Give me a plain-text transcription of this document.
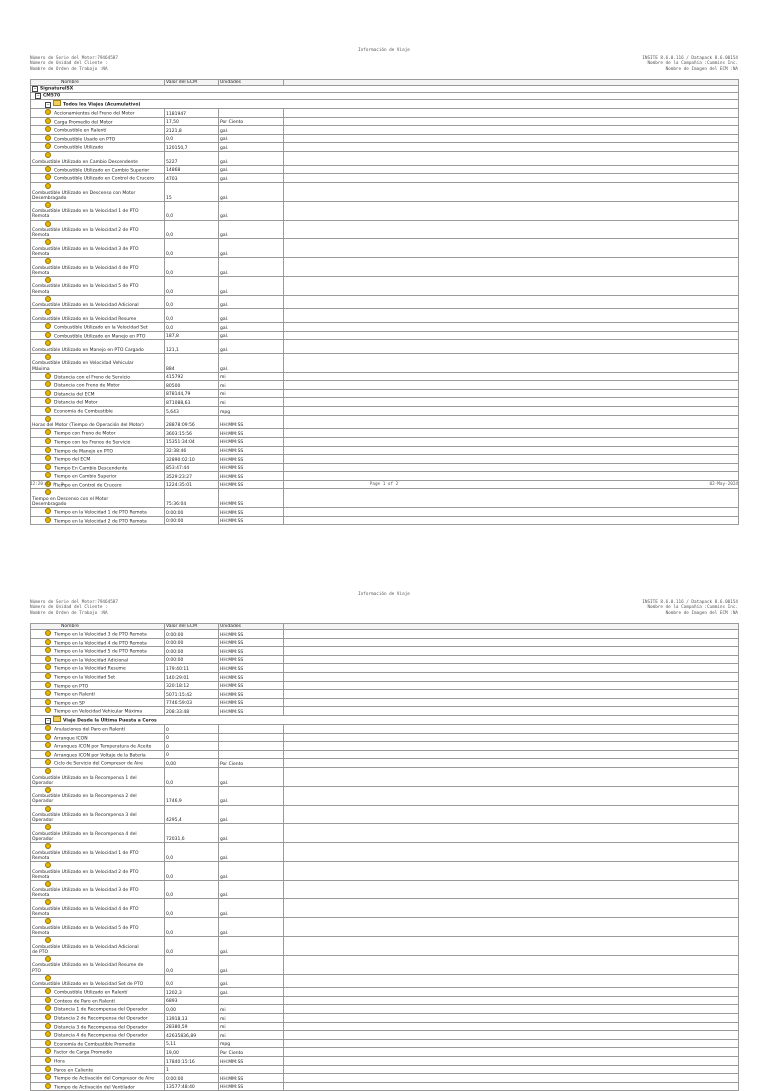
Información de Viaje
Número de Serie del Motor:79464587
Número de Unidad del Cliente :
Nombre de Orden de Trabajo :NA
INSITE 8.6.0.116 / Datapack 8.6.00154
Nombre de la Compañía :Cummins Inc.
Nombre de Imagen del ECM :NA
Nombre	Valor del ECM	Unidades	
− SignatureISX			
− CM570			
− Todos los Viajes (Acumulativo)			
Accionamientos del Freno del Motor	1181947		
Carga Promedio del Motor	17,50	Por Ciento	
Combustible en Ralentí	2121,8	gal.	
Combustible Usado en PTO	0,0	gal.	
Combustible Utilizado	120150,7	gal.	
Combustible Utilizado en Cambio Descendente	5227	gal.	
Combustible Utilizado en Cambio Superior	14868	gal.	
Combustible Utilizado en Control de Crucero	4703	gal.	
Combustible Utilizado en Descenso con Motor Desembragado	15	gal.	
Combustible Utilizado en la Velocidad 1 de PTO Remota	0,0	gal.	
Combustible Utilizado en la Velocidad 2 de PTO Remota	0,0	gal.	
Combustible Utilizado en la Velocidad 3 de PTO Remota	0,0	gal.	
Combustible Utilizado en la Velocidad 4 de PTO Remota	0,0	gal.	
Combustible Utilizado en la Velocidad 5 de PTO Remota	0,0	gal.	
Combustible Utilizado en la Velocidad Adicional	0,0	gal.	
Combustible Utilizado en la Velocidad Resume	0,0	gal.	
Combustible Utilizado en la Velocidad Set	0,0	gal.	
Combustible Utilizado en Manejo en PTO	187,8	gal.	
Combustible Utilizado en Manejo en PTO Cargado	121,1	gal.	
Combustible Utilizado en Velocidad Vehicular Máxima	884	gal.	
Distancia con el Freno de Servicio	415792	mi	
Distancia con Freno de Motor	80500	mi	
Distancia del ECM	878144,79	mi	
Distancia del Motor	871088,63	mi	
Economía de Combustible	5,643	mpg	
Horas del Motor (Tiempo de Operación del Motor)	28878:09:56	HH:MM:SS	
Tiempo con Freno de Motor	3603:15:56	HH:MM:SS	
Tiempo con los Frenos de Servicio	15351:34:04	HH:MM:SS	
Tiempo de Manejo en PTO	32:38:46	HH:MM:SS	
Tiempo del ECM	32890:02:10	HH:MM:SS	
Tiempo En Cambio Descendente	853:47:44	HH:MM:SS	
Tiempo en Cambio Superior	3529:23:27	HH:MM:SS	
Tiempo en Control de Crucero	1224:35:01	HH:MM:SS	
Tiempo en Descenso con el Motor Desembragado	75:36:04	HH:MM:SS	
Tiempo en la Velocidad 1 de PTO Remota	0:00:00	HH:MM:SS	
Tiempo en la Velocidad 2 de PTO Remota	0:00:00	HH:MM:SS	
12:20:42 p. m.	Page 1 of 2	02-May-2024
Información de Viaje
Número de Serie del Motor:79464587
Número de Unidad del Cliente :
Nombre de Orden de Trabajo :NA
INSITE 8.6.0.116 / Datapack 8.6.00154
Nombre de la Compañía :Cummins Inc.
Nombre de Imagen del ECM :NA
Nombre	Valor del ECM	Unidades	
Tiempo en la Velocidad 3 de PTO Remota	0:00:00	HH:MM:SS	
Tiempo en la Velocidad 4 de PTO Remota	0:00:00	HH:MM:SS	
Tiempo en la Velocidad 5 de PTO Remota	0:00:00	HH:MM:SS	
Tiempo en la Velocidad Adicional	0:00:00	HH:MM:SS	
Tiempo en la Velocidad Resume	179:40:11	HH:MM:SS	
Tiempo en la Velocidad Set	140:29:01	HH:MM:SS	
Tiempo en PTO	320:18:12	HH:MM:SS	
Tiempo en Ralentí	5071:15:42	HH:MM:SS	
Tiempo en SP	7746:59:03	HH:MM:SS	
Tiempo en Velocidad Vehicular Máxima	208:33:48	HH:MM:SS	
− Viaje Desde la Última Puesta a Ceros			
Anulaciones del Paro en Ralentí	0		
Arranque ICON	0		
Arranques ICON por Temperatura de Aceite	0		
Arranques ICON por Voltaje de la Batería	0		
Ciclo de Servicio del Compresor de Aire	0,00	Por Ciento	
Combustible Utilizado en la Recompensa 1 del Operador	0,0	gal.	
Combustible Utilizado en la Recompensa 2 del Operador	1746,9	gal.	
Combustible Utilizado en la Recompensa 3 del Operador	4295,4	gal.	
Combustible Utilizado en la Recompensa 4 del Operador	72031,6	gal.	
Combustible Utilizado en la Velocidad 1 de PTO Remota	0,0	gal.	
Combustible Utilizado en la Velocidad 2 de PTO Remota	0,0	gal.	
Combustible Utilizado en la Velocidad 3 de PTO Remota	0,0	gal.	
Combustible Utilizado en la Velocidad 4 de PTO Remota	0,0	gal.	
Combustible Utilizado en la Velocidad 5 de PTO Remota	0,0	gal.	
Combustible Utilizado en la Velocidad Adicional de PTO	0,0	gal.	
Combustible Utilizado en la Velocidad Resume de PTO	0,0	gal.	
Combustible Utilizado en la Velocidad Set de PTO	0,0	gal.	
Combustible Utilizado en Ralentí	1202,3	gal.	
Conteos de Paro en Ralentí	6893		
Distancia 1 de Recompensa del Operador	0,00	mi	
Distancia 2 de Recompensa del Operador	13918,13	mi	
Distancia 3 de Recompensa del Operador	28380,59	mi	
Distancia 4 de Recompensa del Operador	42635836,89	mi	
Economía de Combustible Promedio	5,11	mpg	
Factor de Carga Promedio	19,00	Por Ciento	
Hora	17840:15:16	HH:MM:SS	
Paros en Caliente	1		
Tiempo de Activación del Compresor de Aire	0:00:00	HH:MM:SS	
Tiempo de Activación del Ventilador	13577:48:40	HH:MM:SS	
